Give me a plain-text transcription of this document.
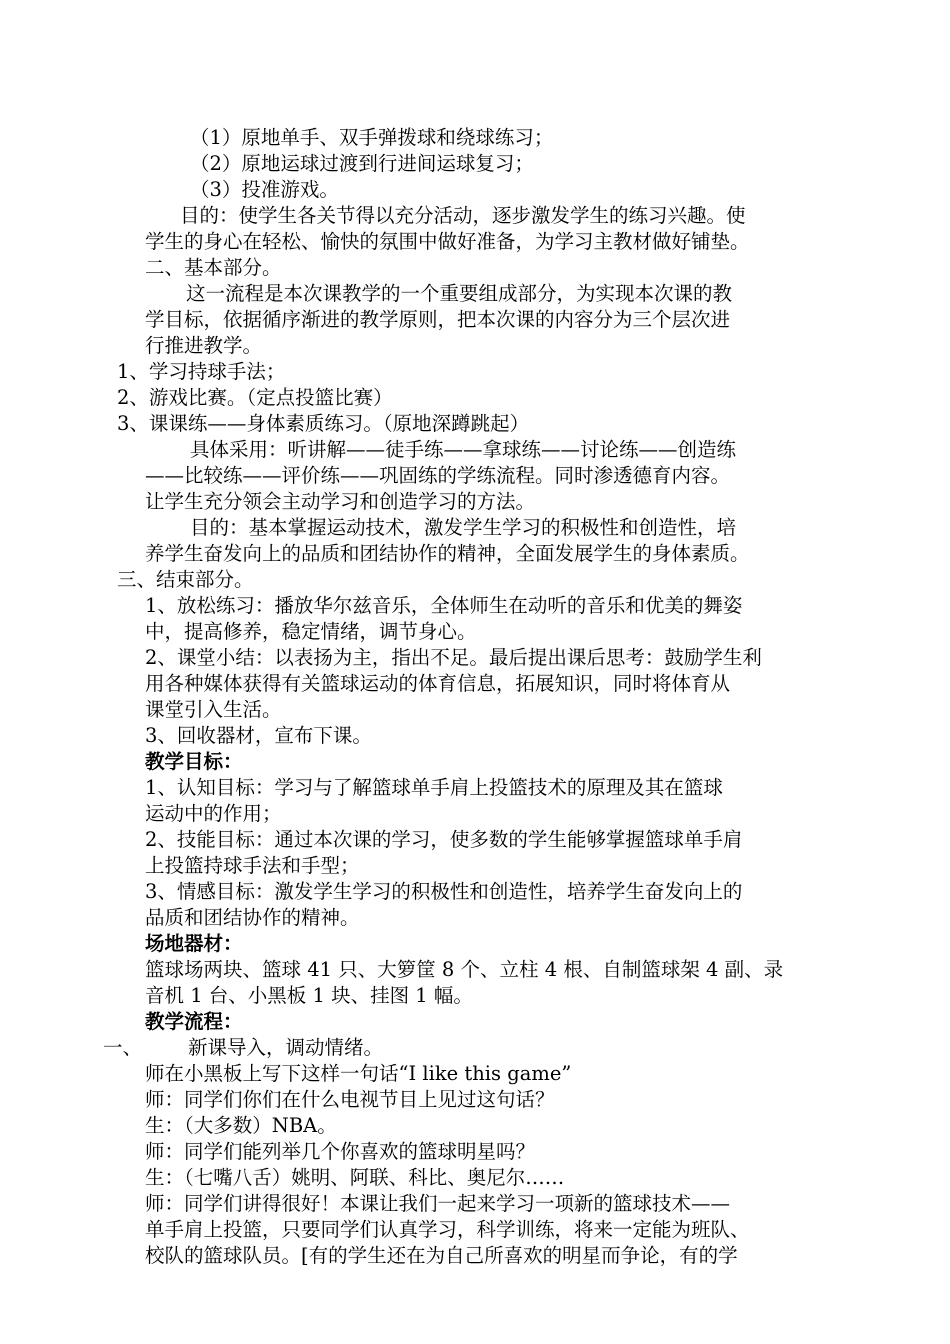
（1）原地单手、双手弹拨球和绕球练习；
（2）原地运球过渡到行进间运球复习；
（3）投准游戏。
目的：使学生各关节得以充分活动，逐步激发学生的练习兴趣。使
学生的身心在轻松、愉快的氛围中做好准备，为学习主教材做好铺垫。
二、基本部分。
这一流程是本次课教学的一个重要组成部分，为实现本次课的教
学目标，依据循序渐进的教学原则，把本次课的内容分为三个层次进
行推进教学。
1、学习持球手法；
2、游戏比赛。（定点投篮比赛）
3、课课练——身体素质练习。（原地深蹲跳起）
具体采用：听讲解——徒手练——拿球练——讨论练——创造练
——比较练——评价练——巩固练的学练流程。同时渗透德育内容。
让学生充分领会主动学习和创造学习的方法。
目的：基本掌握运动技术，激发学生学习的积极性和创造性，培
养学生奋发向上的品质和团结协作的精神，全面发展学生的身体素质。
三、结束部分。
1、放松练习：播放华尔兹音乐，全体师生在动听的音乐和优美的舞姿
中，提高修养，稳定情绪，调节身心。
2、课堂小结：以表扬为主，指出不足。最后提出课后思考：鼓励学生利
用各种媒体获得有关篮球运动的体育信息，拓展知识，同时将体育从
课堂引入生活。
3、回收器材，宣布下课。
教学目标：
1、认知目标：学习与了解篮球单手肩上投篮技术的原理及其在篮球
运动中的作用；
2、技能目标：通过本次课的学习，使多数的学生能够掌握篮球单手肩
上投篮持球手法和手型；
3、情感目标：激发学生学习的积极性和创造性，培养学生奋发向上的
品质和团结协作的精神。
场地器材：
篮球场两块、篮球 41 只、大箩筐 8 个、立柱 4 根、自制篮球架 4 副、录
音机 1 台、小黑板 1 块、挂图 1 幅。
教学流程：
一、 新课导入，调动情绪。
师在小黑板上写下这样一句话“I like this game”
师：同学们你们在什么电视节目上见过这句话？
生：（大多数）NBA。
师：同学们能列举几个你喜欢的篮球明星吗？
生：（七嘴八舌）姚明、阿联、科比、奥尼尔……
师：同学们讲得很好！本课让我们一起来学习一项新的篮球技术——
单手肩上投篮，只要同学们认真学习，科学训练，将来一定能为班队、
校队的篮球队员。[有的学生还在为自己所喜欢的明星而争论，有的学
